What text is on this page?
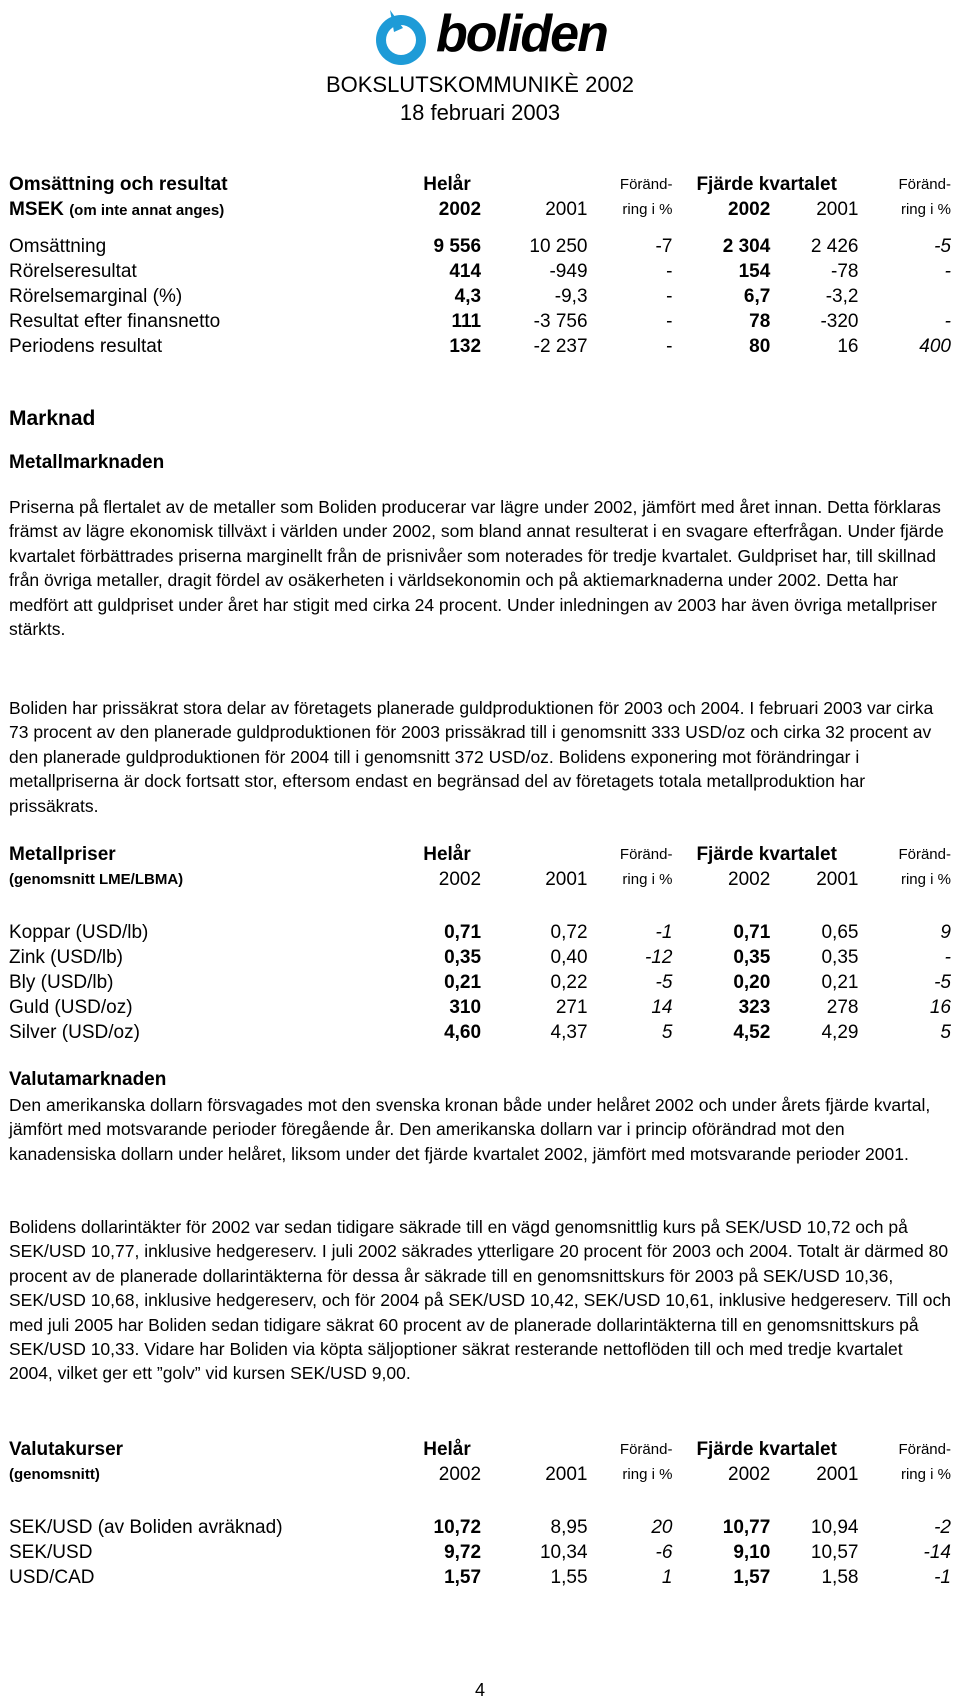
boliden
BOKSLUTSKOMMUNIKÈ 2002
18 februari 2003
Omsättning och resultat	Helår		Föränd-	Fjärde kvartalet		Föränd-
MSEK (om inte annat anges)	2002	2001	ring i %	2002	2001	ring i %

Omsättning	9 556	10 250	-7	2 304	2 426	-5
Rörelseresultat	414	-949	-	154	-78	-
Rörelsemarginal (%)	4,3	-9,3	-	6,7	-3,2	
Resultat efter finansnetto	111	-3 756	-	78	-320	-
Periodens resultat	132	-2 237	-	80	16	400
Marknad
Metallmarknaden

Priserna på flertalet av de metaller som Boliden producerar var lägre under 2002, jämfört med året innan. Detta förklaras främst av lägre ekonomisk tillväxt i världen under 2002, som bland annat resulterat i en svagare efterfrågan. Under fjärde kvartalet förbättrades priserna marginellt från de prisnivåer som noterades för tredje kvartalet. Guldpriset har, till skillnad från övriga metaller, dragit fördel av osäkerheten i världsekonomin och på aktiemarknaderna under 2002. Detta har medfört att guldpriset under året har stigit med cirka 24 procent. Under inledningen av 2003 har även övriga metallpriser stärkts.

Boliden har prissäkrat stora delar av företagets planerade guldproduktionen för 2003 och 2004. I februari 2003 var cirka 73 procent av den planerade guldproduktionen för 2003 prissäkrad till i genomsnitt 333 USD/oz och cirka 32 procent av den planerade guldproduktionen för 2004 till i genomsnitt 372 USD/oz. Bolidens exponering mot förändringar i metallpriserna är dock fortsatt stor, eftersom endast en begränsad del av företagets totala metallproduktion har prissäkrats.

Metallpriser	Helår		Föränd-	Fjärde kvartalet		Föränd-
(genomsnitt LME/LBMA)	2002	2001	ring i %	2002	2001	ring i %

Koppar (USD/lb)	0,71	0,72	-1	0,71	0,65	9
Zink (USD/lb)	0,35	0,40	-12	0,35	0,35	-
Bly (USD/lb)	0,21	0,22	-5	0,20	0,21	-5
Guld (USD/oz)	310	271	14	323	278	16
Silver (USD/oz)	4,60	4,37	5	4,52	4,29	5
Valutamarknaden

Den amerikanska dollarn försvagades mot den svenska kronan både under helåret 2002 och under årets fjärde kvartal, jämfört med motsvarande perioder föregående år. Den amerikanska dollarn var i princip oförändrad mot den kanadensiska dollarn under helåret, liksom under det fjärde kvartalet 2002, jämfört med motsvarande perioder 2001.

Bolidens dollarintäkter för 2002 var sedan tidigare säkrade till en vägd genomsnittlig kurs på SEK/USD 10,72 och på SEK/USD 10,77, inklusive hedgereserv. I juli 2002 säkrades ytterligare 20 procent för 2003 och 2004. Totalt är därmed 80 procent av de planerade dollarintäkterna för dessa år säkrade till en genomsnittskurs för 2003 på SEK/USD 10,36, SEK/USD 10,68, inklusive hedgereserv, och för 2004 på SEK/USD 10,42, SEK/USD 10,61, inklusive hedgereserv. Till och med juli 2005 har Boliden sedan tidigare säkrat 60 procent av de planerade dollarintäkterna till en genomsnittskurs på SEK/USD 10,33. Vidare har Boliden via köpta säljoptioner säkrat resterande nettoflöden till och med tredje kvartalet 2004, vilket ger ett ”golv” vid kursen SEK/USD 9,00.

Valutakurser	Helår		Föränd-	Fjärde kvartalet		Föränd-
(genomsnitt)	2002	2001	ring i %	2002	2001	ring i %

SEK/USD (av Boliden avräknad)	10,72	8,95	20	10,77	10,94	-2
SEK/USD	9,72	10,34	-6	9,10	10,57	-14
USD/CAD	1,57	1,55	1	1,57	1,58	-1
4
